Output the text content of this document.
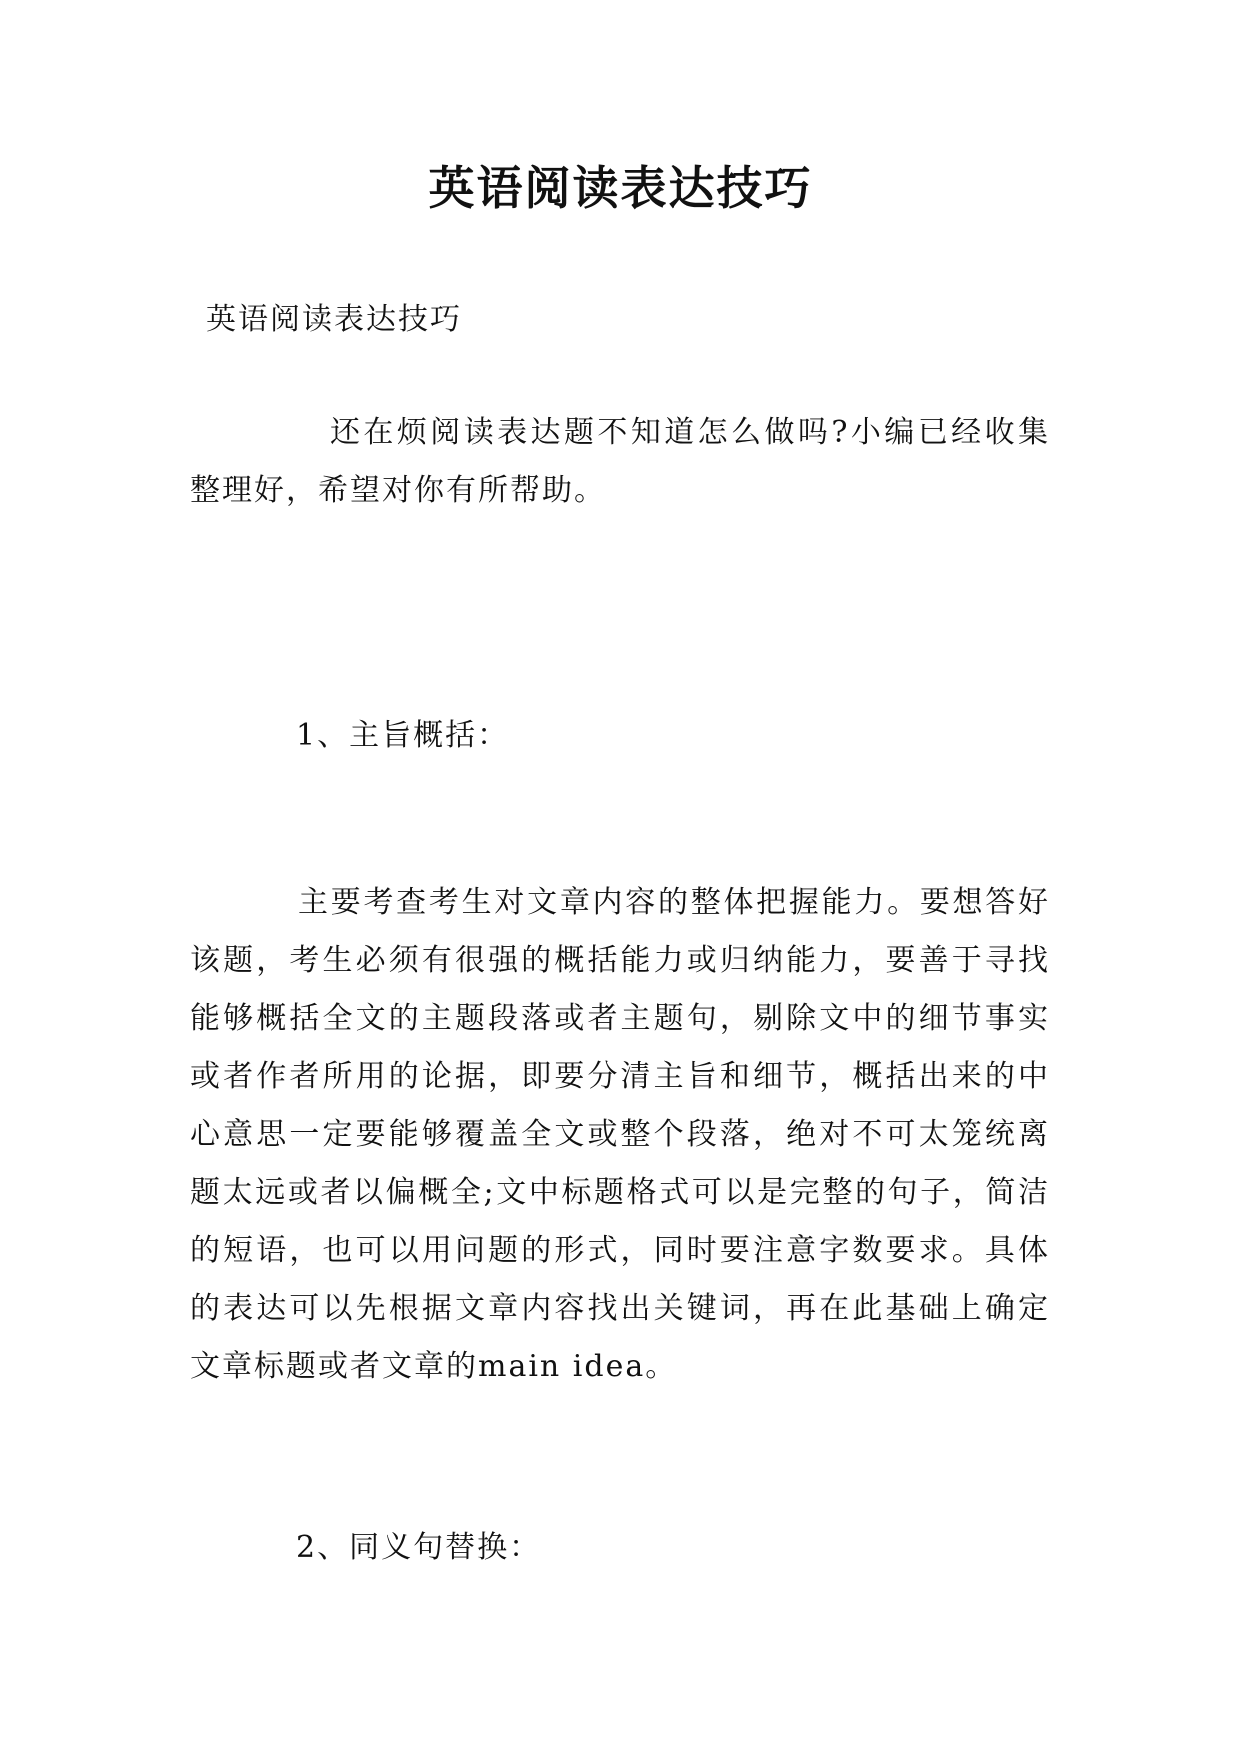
英语阅读表达技巧
英语阅读表达技巧

还在烦阅读表达题不知道怎么做吗?小编已经收集整理好，希望对你有所帮助。

1、主旨概括：

主要考查考生对文章内容的整体把握能力。要想答好该题，考生必须有很强的概括能力或归纳能力，要善于寻找能够概括全文的主题段落或者主题句，剔除文中的细节事实或者作者所用的论据，即要分清主旨和细节，概括出来的中心意思一定要能够覆盖全文或整个段落，绝对不可太笼统离题太远或者以偏概全;文中标题格式可以是完整的句子，简洁的短语，也可以用问题的形式，同时要注意字数要求。具体的表达可以先根据文章内容找出关键词，再在此基础上确定文章标题或者文章的main idea。

2、同义句替换：
